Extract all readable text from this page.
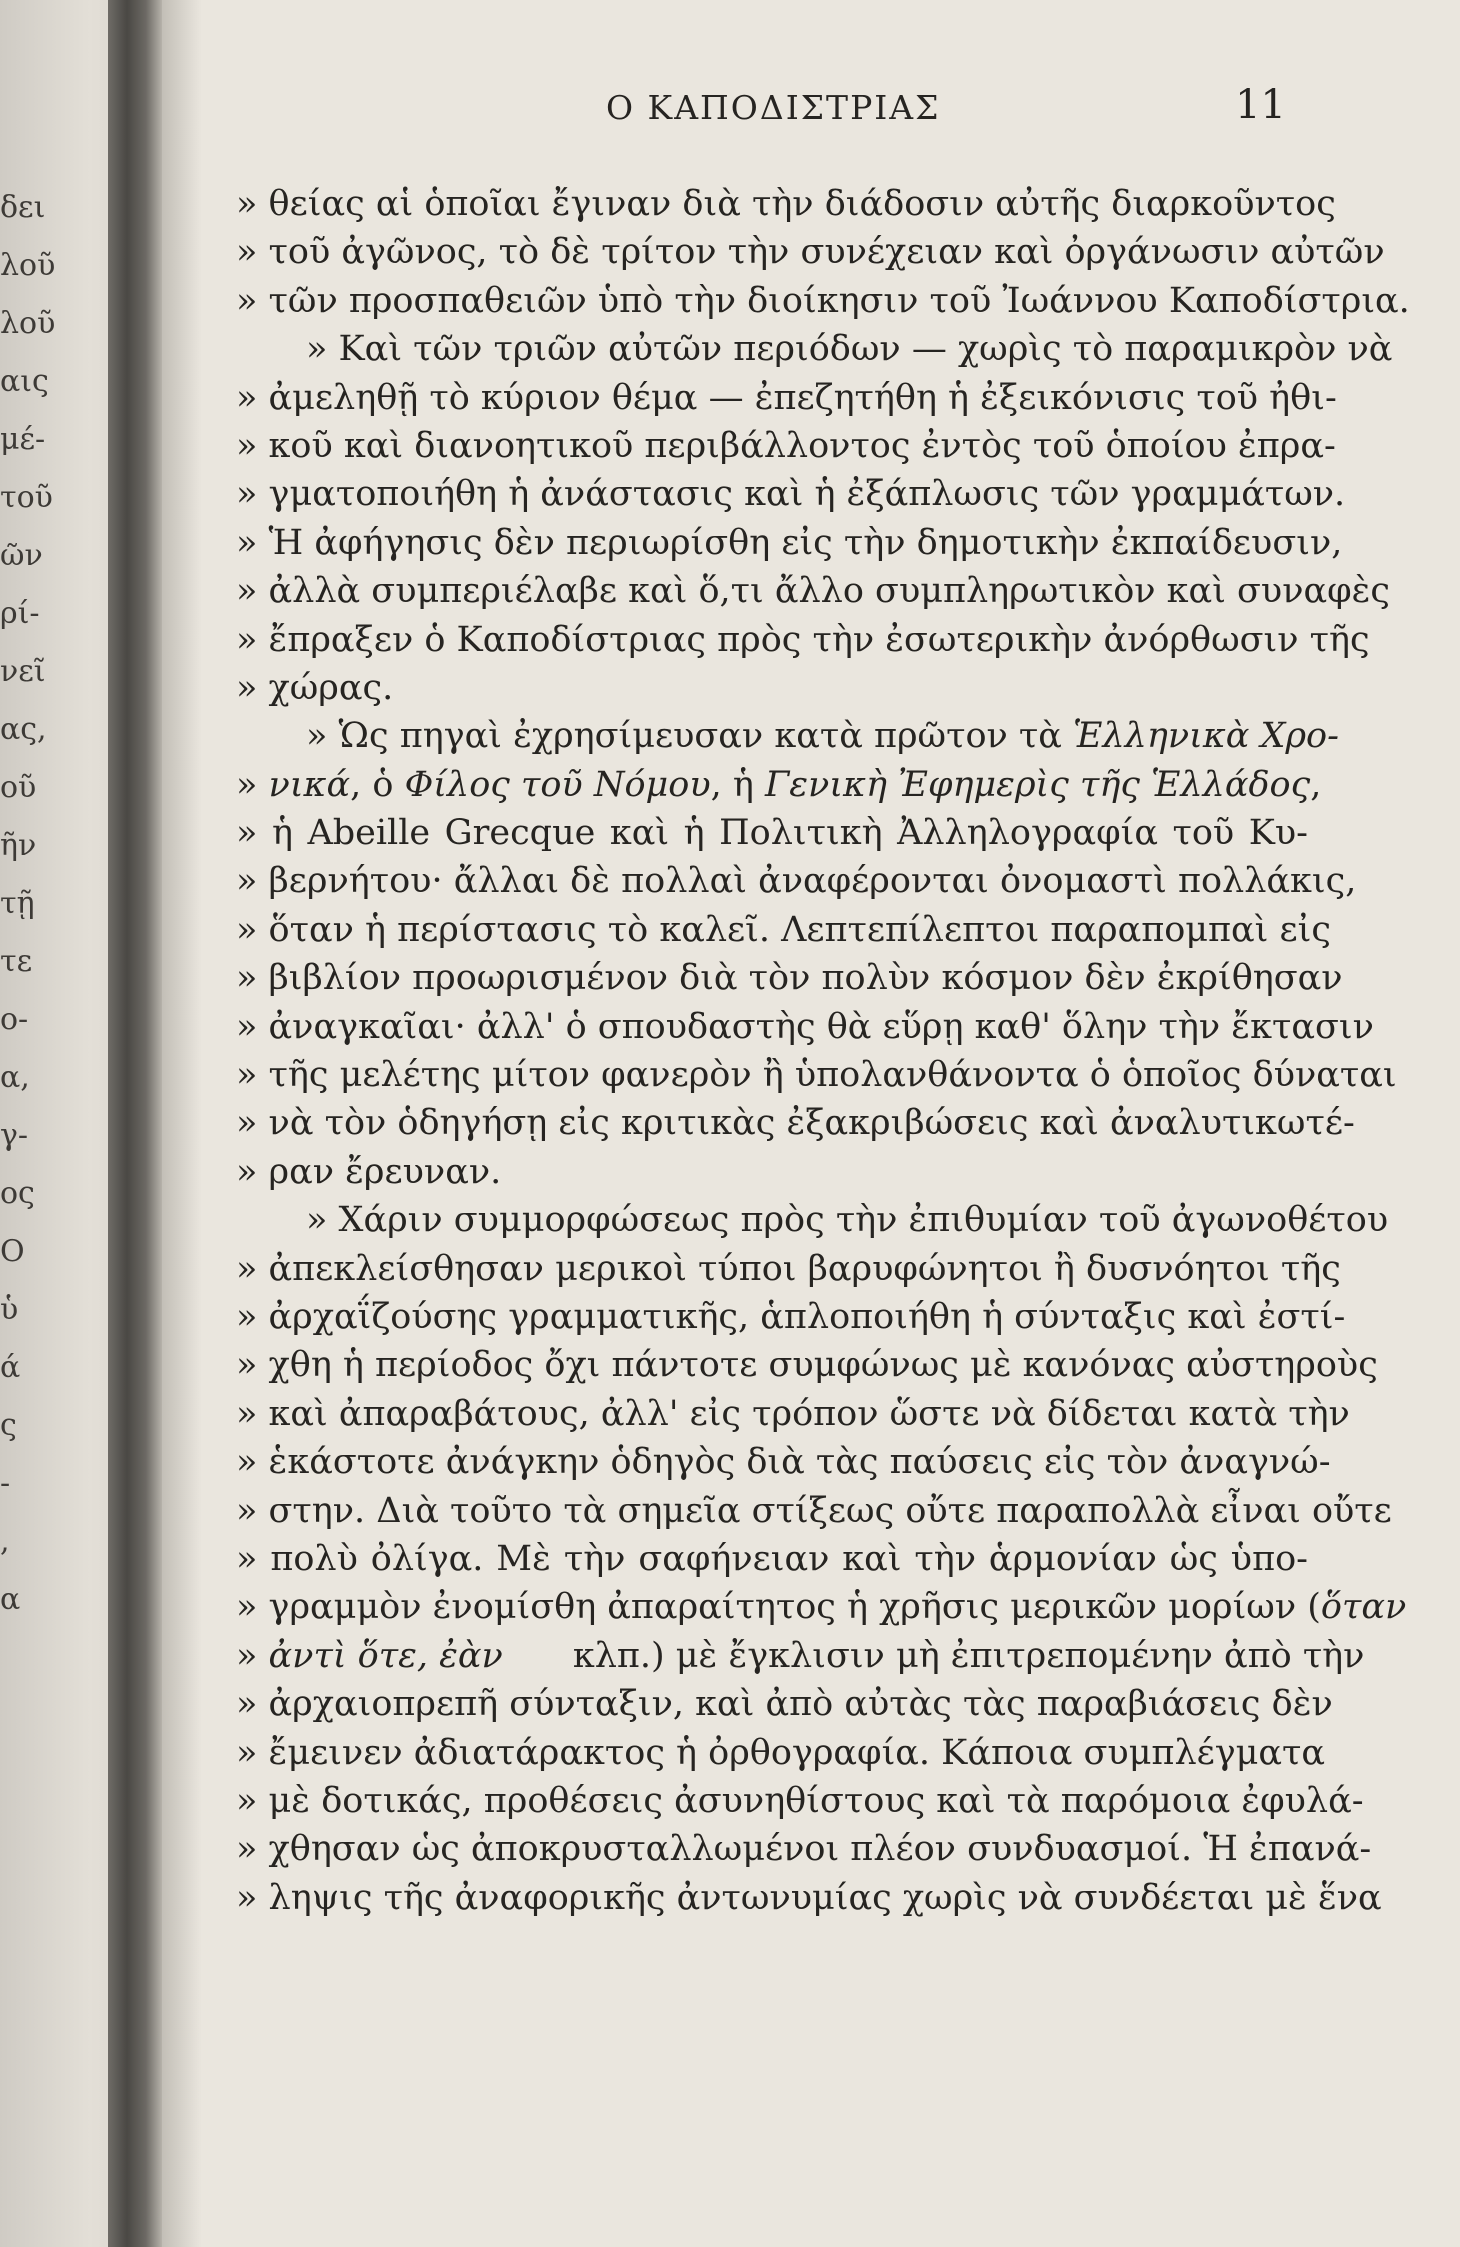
δει
λοῦ
λοῦ
αις
μέ-
τοῦ
ῶν
ρί-
νεῖ
ας,
οῦ
ῆν
τῇ
τε
ο-
α,
γ-
ος
Ο
ὑ
ά
ς
-
,
α
Ο ΚΑΠΟΔΙΣΤΡΙΑΣ	11
» θείας αἱ ὁποῖαι ἔγιναν διὰ τὴν διάδοσιν αὐτῆς διαρκοῦντος
» τοῦ ἀγῶνος, τὸ δὲ τρίτον τὴν συνέχειαν καὶ ὀργάνωσιν αὐτῶν
» τῶν προσπαθειῶν ὑπὸ τὴν διοίκησιν τοῦ Ἰωάννου Καποδίστρια.
  » Καὶ τῶν τριῶν αὐτῶν περιόδων — χωρὶς τὸ παραμικρὸν νὰ
» ἀμεληθῇ τὸ κύριον θέμα — ἐπεζητήθη ἡ ἐξεικόνισις τοῦ ἠθι-
» κοῦ καὶ διανοητικοῦ περιβάλλοντος ἐντὸς τοῦ ὁποίου ἐπρα-
» γματοποιήθη ἡ ἀνάστασις καὶ ἡ ἐξάπλωσις τῶν γραμμάτων.
» Ἡ ἀφήγησις δὲν περιωρίσθη εἰς τὴν δημοτικὴν ἐκπαίδευσιν,
» ἀλλὰ συμπεριέλαβε καὶ ὅ,τι ἄλλο συμπληρωτικὸν καὶ συναφὲς
» ἔπραξεν ὁ Καποδίστριας πρὸς τὴν ἐσωτερικὴν ἀνόρθωσιν τῆς
» χώρας.
  » Ὡς πηγαὶ ἐχρησίμευσαν κατὰ πρῶτον τὰ Ἑλληνικὰ Χρο-
» νικά, ὁ Φίλος τοῦ Νόμου, ἡ Γενικὴ Ἐφημερὶς τῆς Ἑλλάδος,
» ἡ Abeille Grecque καὶ ἡ Πολιτικὴ Ἀλληλογραφία τοῦ Κυ-
» βερνήτου· ἄλλαι δὲ πολλαὶ ἀναφέρονται ὀνομαστὶ πολλάκις,
» ὅταν ἡ περίστασις τὸ καλεῖ. Λεπτεπίλεπτοι παραπομπαὶ εἰς
» βιβλίον προωρισμένον διὰ τὸν πολὺν κόσμον δὲν ἐκρίθησαν
» ἀναγκαῖαι· ἀλλ' ὁ σπουδαστὴς θὰ εὕρῃ καθ' ὅλην τὴν ἔκτασιν
» τῆς μελέτης μίτον φανερὸν ἢ ὑπολανθάνοντα ὁ ὁποῖος δύναται
» νὰ τὸν ὁδηγήσῃ εἰς κριτικὰς ἐξακριβώσεις καὶ ἀναλυτικωτέ-
» ραν ἔρευναν.
  » Χάριν συμμορφώσεως πρὸς τὴν ἐπιθυμίαν τοῦ ἀγωνοθέτου
» ἀπεκλείσθησαν μερικοὶ τύποι βαρυφώνητοι ἢ δυσνόητοι τῆς
» ἀρχαΐζούσης γραμματικῆς, ἁπλοποιήθη ἡ σύνταξις καὶ ἐστί-
» χθη ἡ περίοδος ὄχι πάντοτε συμφώνως μὲ κανόνας αὐστηροὺς
» καὶ ἀπαραβάτους, ἀλλ' εἰς τρόπον ὥστε νὰ δίδεται κατὰ τὴν
» ἑκάστοτε ἀνάγκην ὁδηγὸς διὰ τὰς παύσεις εἰς τὸν ἀναγνώ-
» στην. Διὰ τοῦτο τὰ σημεῖα στίξεως οὔτε παραπολλὰ εἶναι οὔτε
» πολὺ ὀλίγα. Μὲ τὴν σαφήνειαν καὶ τὴν ἁρμονίαν ὡς ὑπο-
» γραμμὸν ἐνομίσθη ἀπαραίτητος ἡ χρῆσις μερικῶν μορίων (ὅταν
» ἀντὶ ὅτε, ἐὰν  κλπ.) μὲ ἔγκλισιν μὴ ἐπιτρεπομένην ἀπὸ τὴν
» ἀρχαιοπρεπῆ σύνταξιν, καὶ ἀπὸ αὐτὰς τὰς παραβιάσεις δὲν
» ἔμεινεν ἀδιατάρακτος ἡ ὀρθογραφία. Κάποια συμπλέγματα
» μὲ δοτικάς, προθέσεις ἀσυνηθίστους καὶ τὰ παρόμοια ἐφυλά-
» χθησαν ὡς ἀποκρυσταλλωμένοι πλέον συνδυασμοί. Ἡ ἐπανά-
» ληψις τῆς ἀναφορικῆς ἀντωνυμίας χωρὶς νὰ συνδέεται μὲ ἕνα
